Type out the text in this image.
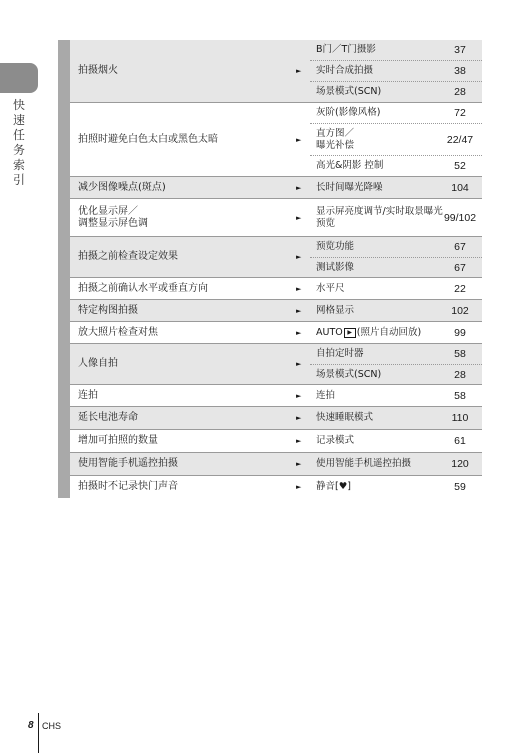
快速任务索引
拍摄烟火	►
B门／T门摄影	37
实时合成拍摄	38
场景模式(SCN)	28
拍照时避免白色太白或黑色太暗	►
灰阶(影像风格)	72
直方图／
曝光补偿	22/47
高光&阴影 控制	52
减少图像噪点(斑点)	► 长时间曝光降噪	104
优化显示屏／
调整显示屏色调	►
显示屏亮度调节/实时取景曝光预览	99/102
拍摄之前检查设定效果	►
预览功能	67
测试影像	67
拍摄之前确认水平或垂直方向	► 水平尺	22
特定构图拍摄	► 网格显示	102
放大照片检查对焦	► AUTO ▶ (照片自动回放)	99
人像自拍	►
自拍定时器	58
场景模式(SCN)	28
连拍	► 连拍	58
延长电池寿命	► 快速睡眠模式	110
增加可拍照的数量	► 记录模式	61
使用智能手机遥控拍摄	► 使用智能手机遥控拍摄	120
拍摄时不记录快门声音	► 静音[♥]	59
8 CHS
